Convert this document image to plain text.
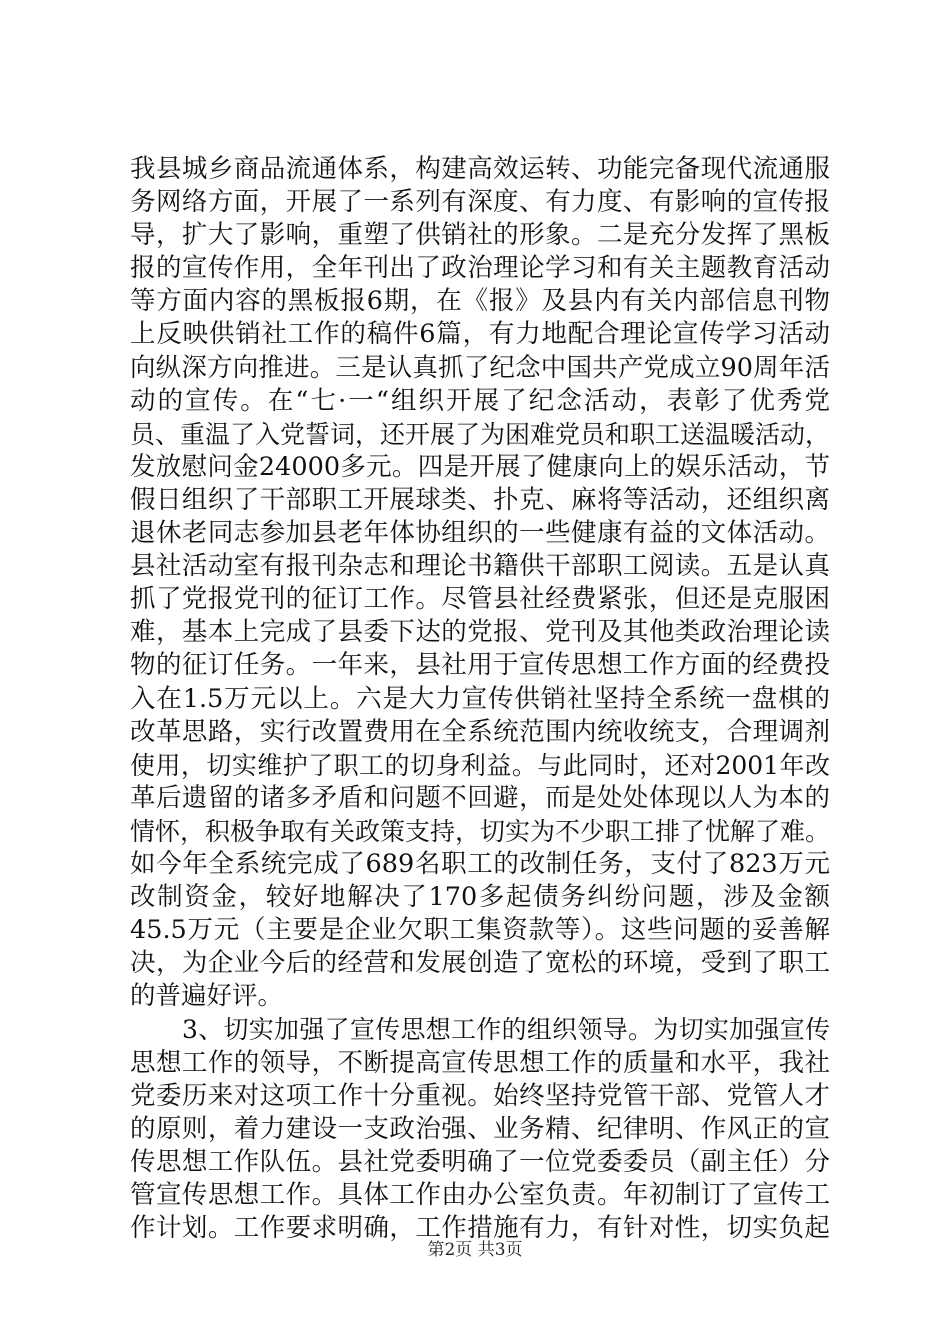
我县城乡商品流通体系，构建高效运转、功能完备现代流通服
务网络方面，开展了一系列有深度、有力度、有影响的宣传报
导，扩大了影响，重塑了供销社的形象。二是充分发挥了黑板
报的宣传作用，全年刊出了政治理论学习和有关主题教育活动
等方面内容的黑板报6期，在《报》及县内有关内部信息刊物
上反映供销社工作的稿件6篇，有力地配合理论宣传学习活动
向纵深方向推进。三是认真抓了纪念中国共产党成立90周年活
动的宣传。在“七·一“组织开展了纪念活动，表彰了优秀党
员、重温了入党誓词，还开展了为困难党员和职工送温暖活动，
发放慰问金24000多元。四是开展了健康向上的娱乐活动，节
假日组织了干部职工开展球类、扑克、麻将等活动，还组织离
退休老同志参加县老年体协组织的一些健康有益的文体活动。
县社活动室有报刊杂志和理论书籍供干部职工阅读。五是认真
抓了党报党刊的征订工作。尽管县社经费紧张，但还是克服困
难，基本上完成了县委下达的党报、党刊及其他类政治理论读
物的征订任务。一年来，县社用于宣传思想工作方面的经费投
入在1.5万元以上。六是大力宣传供销社坚持全系统一盘棋的
改革思路，实行改置费用在全系统范围内统收统支，合理调剂
使用，切实维护了职工的切身利益。与此同时，还对2001年改
革后遗留的诸多矛盾和问题不回避，而是处处体现以人为本的
情怀，积极争取有关政策支持，切实为不少职工排了忧解了难。
如今年全系统完成了689名职工的改制任务，支付了823万元
改制资金，较好地解决了170多起债务纠纷问题，涉及金额
45.5万元（主要是企业欠职工集资款等）。这些问题的妥善解
决，为企业今后的经营和发展创造了宽松的环境，受到了职工
的普遍好评。
3、切实加强了宣传思想工作的组织领导。为切实加强宣传
思想工作的领导，不断提高宣传思想工作的质量和水平，我社
党委历来对这项工作十分重视。始终坚持党管干部、党管人才
的原则，着力建设一支政治强、业务精、纪律明、作风正的宣
传思想工作队伍。县社党委明确了一位党委委员（副主任）分
管宣传思想工作。具体工作由办公室负责。年初制订了宣传工
作计划。工作要求明确，工作措施有力，有针对性，切实负起
第2页 共3页
